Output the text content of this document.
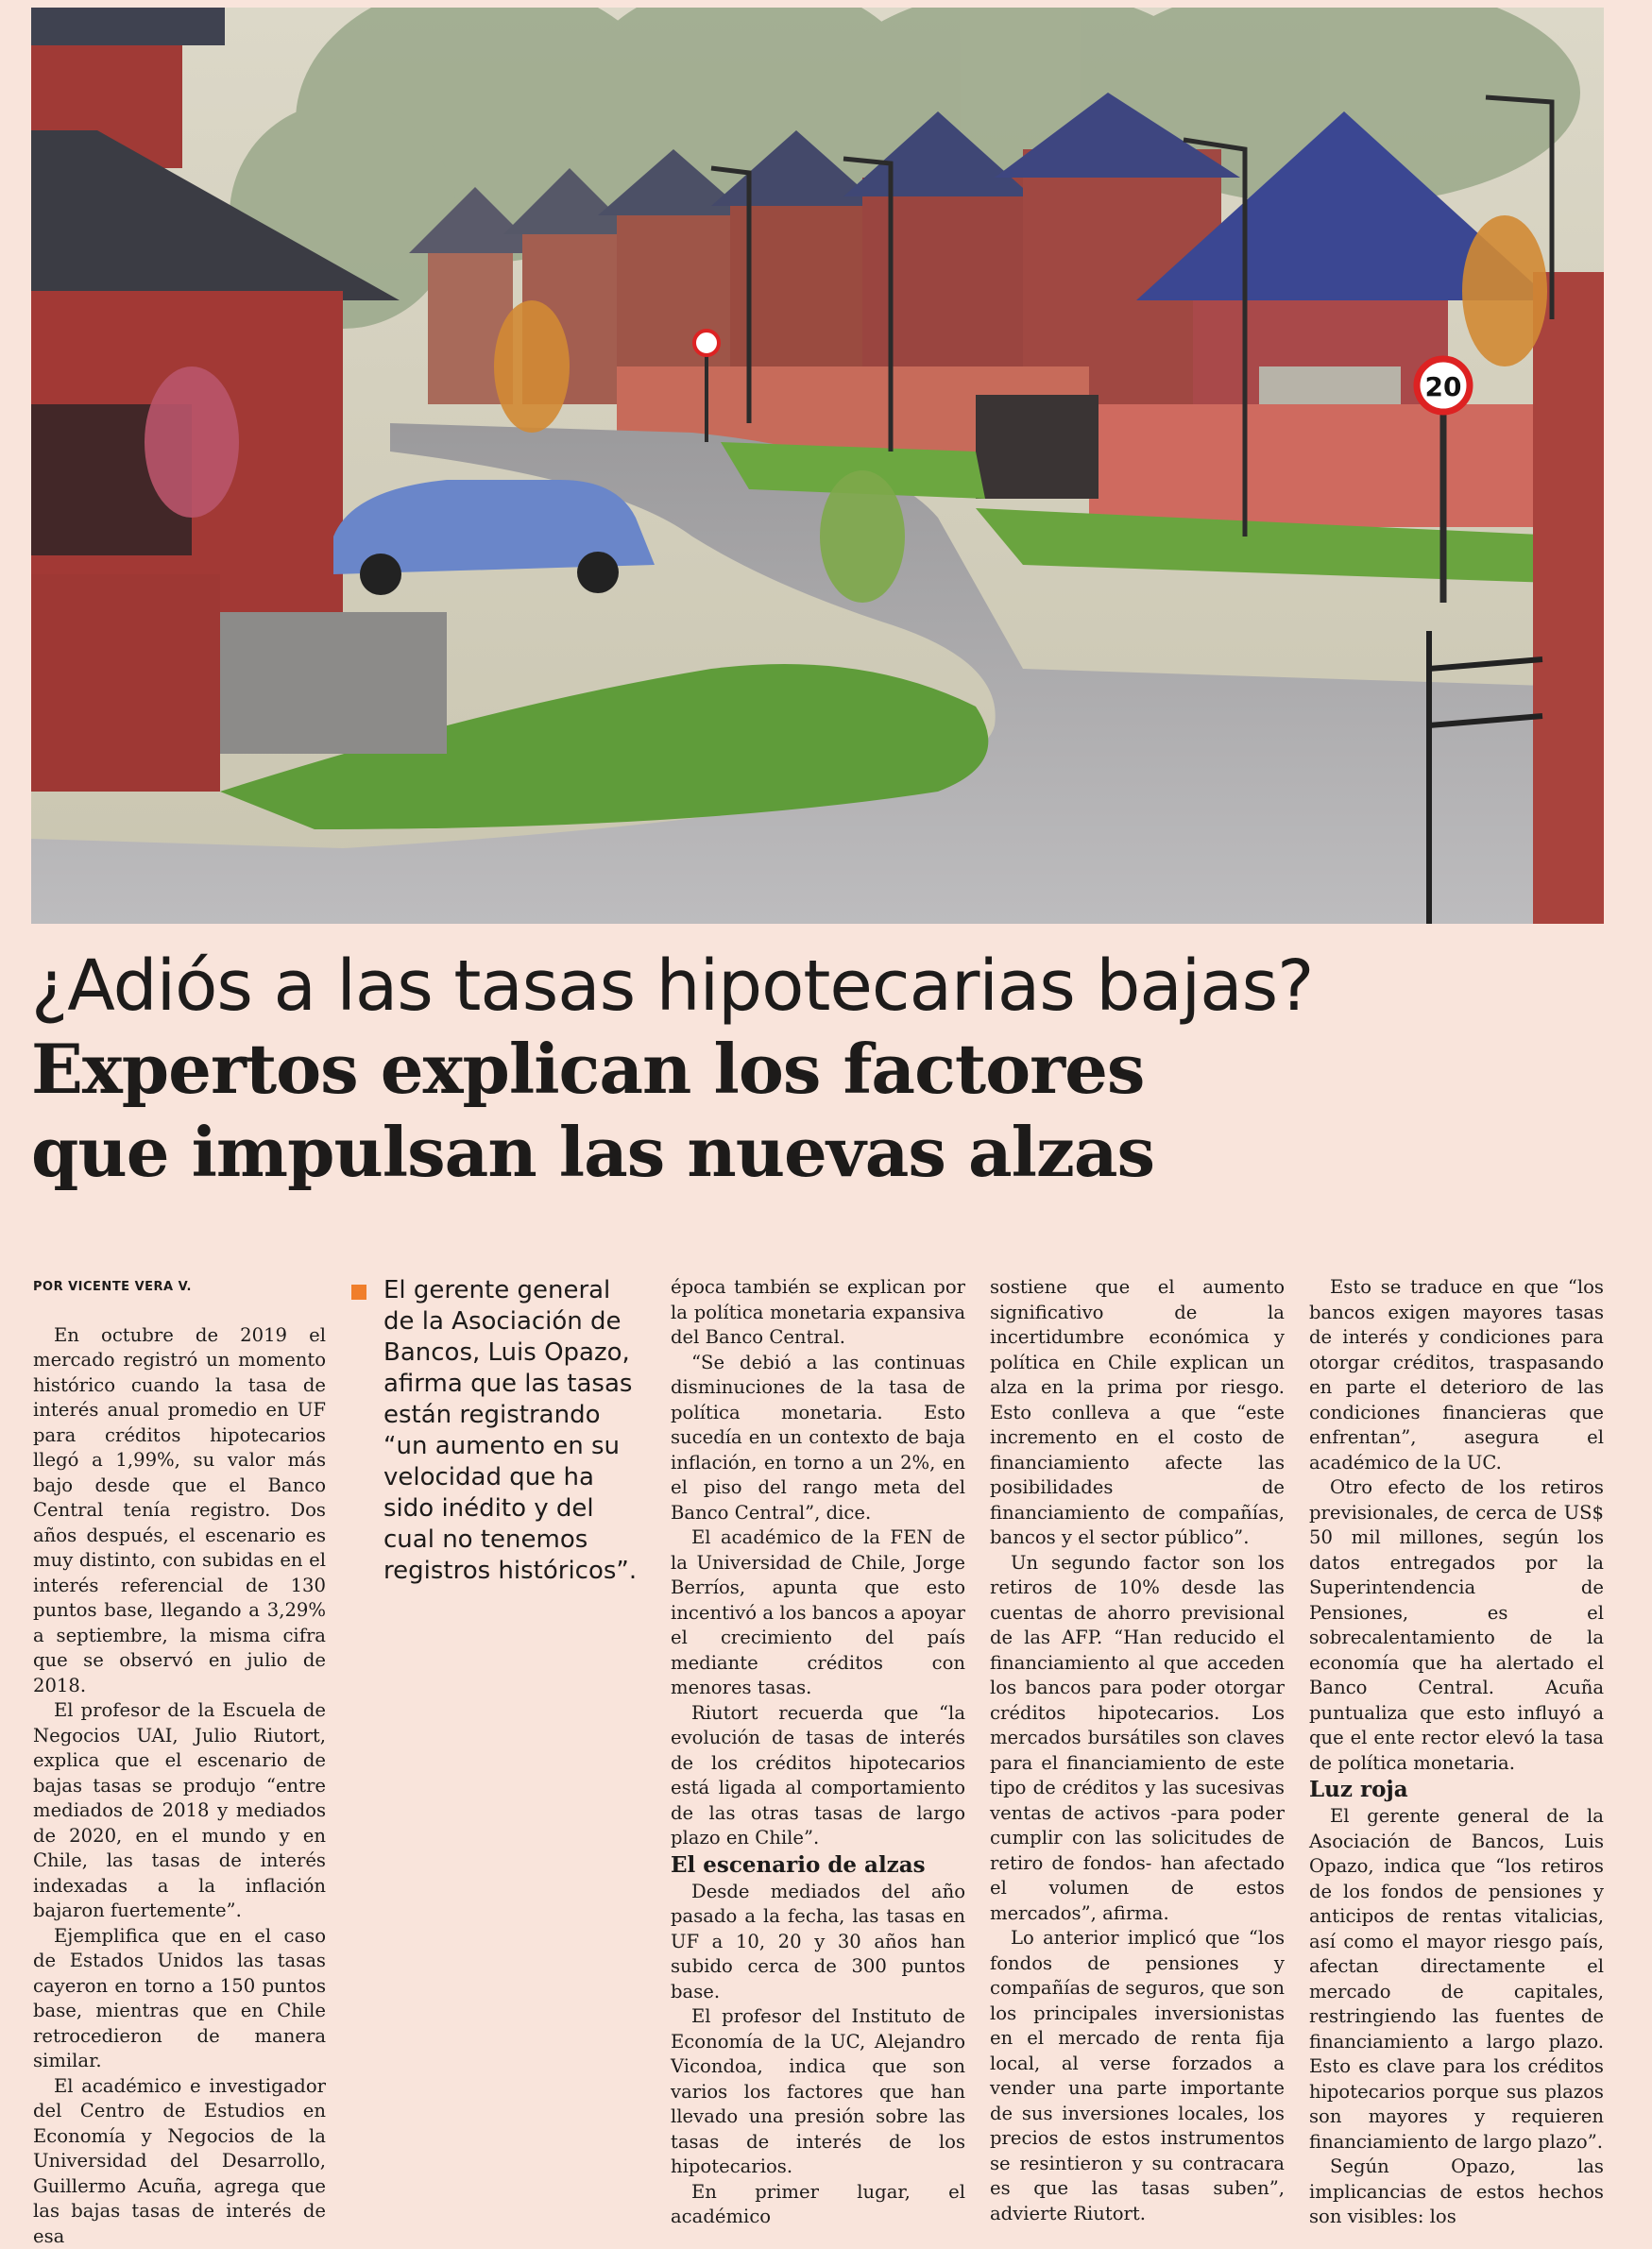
20
¿Adiós a las tasas hipotecarias bajas?
Expertos explican los factores
que impulsan las nuevas alzas
POR VICENTE VERA V.

En octubre de 2019 el mercado registró un momento histórico cuando la tasa de interés anual promedio en UF para créditos hipotecarios llegó a 1,99%, su valor más bajo desde que el Banco Central tenía registro. Dos años después, el escenario es muy distinto, con subidas en el interés referencial de 130 puntos base, llegando a 3,29% a septiembre, la misma cifra que se observó en julio de 2018.

El profesor de la Escuela de Negocios UAI, Julio Riutort, explica que el escenario de bajas tasas se produjo “entre mediados de 2018 y mediados de 2020, en el mundo y en Chile, las tasas de interés indexadas a la inflación bajaron fuertemente”.

Ejemplifica que en el caso de Estados Unidos las tasas cayeron en torno a 150 puntos base, mientras que en Chile retrocedieron de manera similar.

El académico e investigador del Centro de Estudios en Economía y Negocios de la Universidad del Desarrollo, Guillermo Acuña, agrega que las bajas tasas de interés de esa

El gerente general de la Asociación de Bancos, Luis Opazo, afirma que las tasas están registrando “un aumento en su velocidad que ha sido inédito y del cual no tenemos registros históricos”.

época también se explican por la política monetaria expansiva del Banco Central.

“Se debió a las continuas disminuciones de la tasa de política monetaria. Esto sucedía en un contexto de baja inflación, en torno a un 2%, en el piso del rango meta del Banco Central”, dice.

El académico de la FEN de la Universidad de Chile, Jorge Berríos, apunta que esto incentivó a los bancos a apoyar el crecimiento del país mediante créditos con menores tasas.

Riutort recuerda que “la evolución de tasas de interés de los créditos hipotecarios está ligada al comportamiento de las otras tasas de largo plazo en Chile”.

El escenario de alzas

Desde mediados del año pasado a la fecha, las tasas en UF a 10, 20 y 30 años han subido cerca de 300 puntos base.

El profesor del Instituto de Economía de la UC, Alejandro Vicondoa, indica que son varios los factores que han llevado una presión sobre las tasas de interés de los hipotecarios.

En primer lugar, el académico

sostiene que el aumento significativo de la incertidumbre económica y política en Chile explican un alza en la prima por riesgo. Esto conlleva a que “este incremento en el costo de financiamiento afecte las posibilidades de financiamiento de compañías, bancos y el sector público”.

Un segundo factor son los retiros de 10% desde las cuentas de ahorro previsional de las AFP. “Han reducido el financiamiento al que acceden los bancos para poder otorgar créditos hipotecarios. Los mercados bursátiles son claves para el financiamiento de este tipo de créditos y las sucesivas ventas de activos -para poder cumplir con las solicitudes de retiro de fondos- han afectado el volumen de estos mercados”, afirma.

Lo anterior implicó que “los fondos de pensiones y compañías de seguros, que son los principales inversionistas en el mercado de renta fija local, al verse forzados a vender una parte importante de sus inversiones locales, los precios de estos instrumentos se resintieron y su contracara es que las tasas suben”, advierte Riutort.

Esto se traduce en que “los bancos exigen mayores tasas de interés y condiciones para otorgar créditos, traspasando en parte el deterioro de las condiciones financieras que enfrentan”, asegura el académico de la UC.

Otro efecto de los retiros previsionales, de cerca de US$ 50 mil millones, según los datos entregados por la Superintendencia de Pensiones, es el sobrecalentamiento de la economía que ha alertado el Banco Central. Acuña puntualiza que esto influyó a que el ente rector elevó la tasa de política monetaria.

Luz roja

El gerente general de la Asociación de Bancos, Luis Opazo, indica que “los retiros de los fondos de pensiones y anticipos de rentas vitalicias, así como el mayor riesgo país, afectan directamente el mercado de capitales, restringiendo las fuentes de financiamiento a largo plazo. Esto es clave para los créditos hipotecarios porque sus plazos son mayores y requieren financiamiento de largo plazo”.

Según Opazo, las implicancias de estos hechos son visibles: los
